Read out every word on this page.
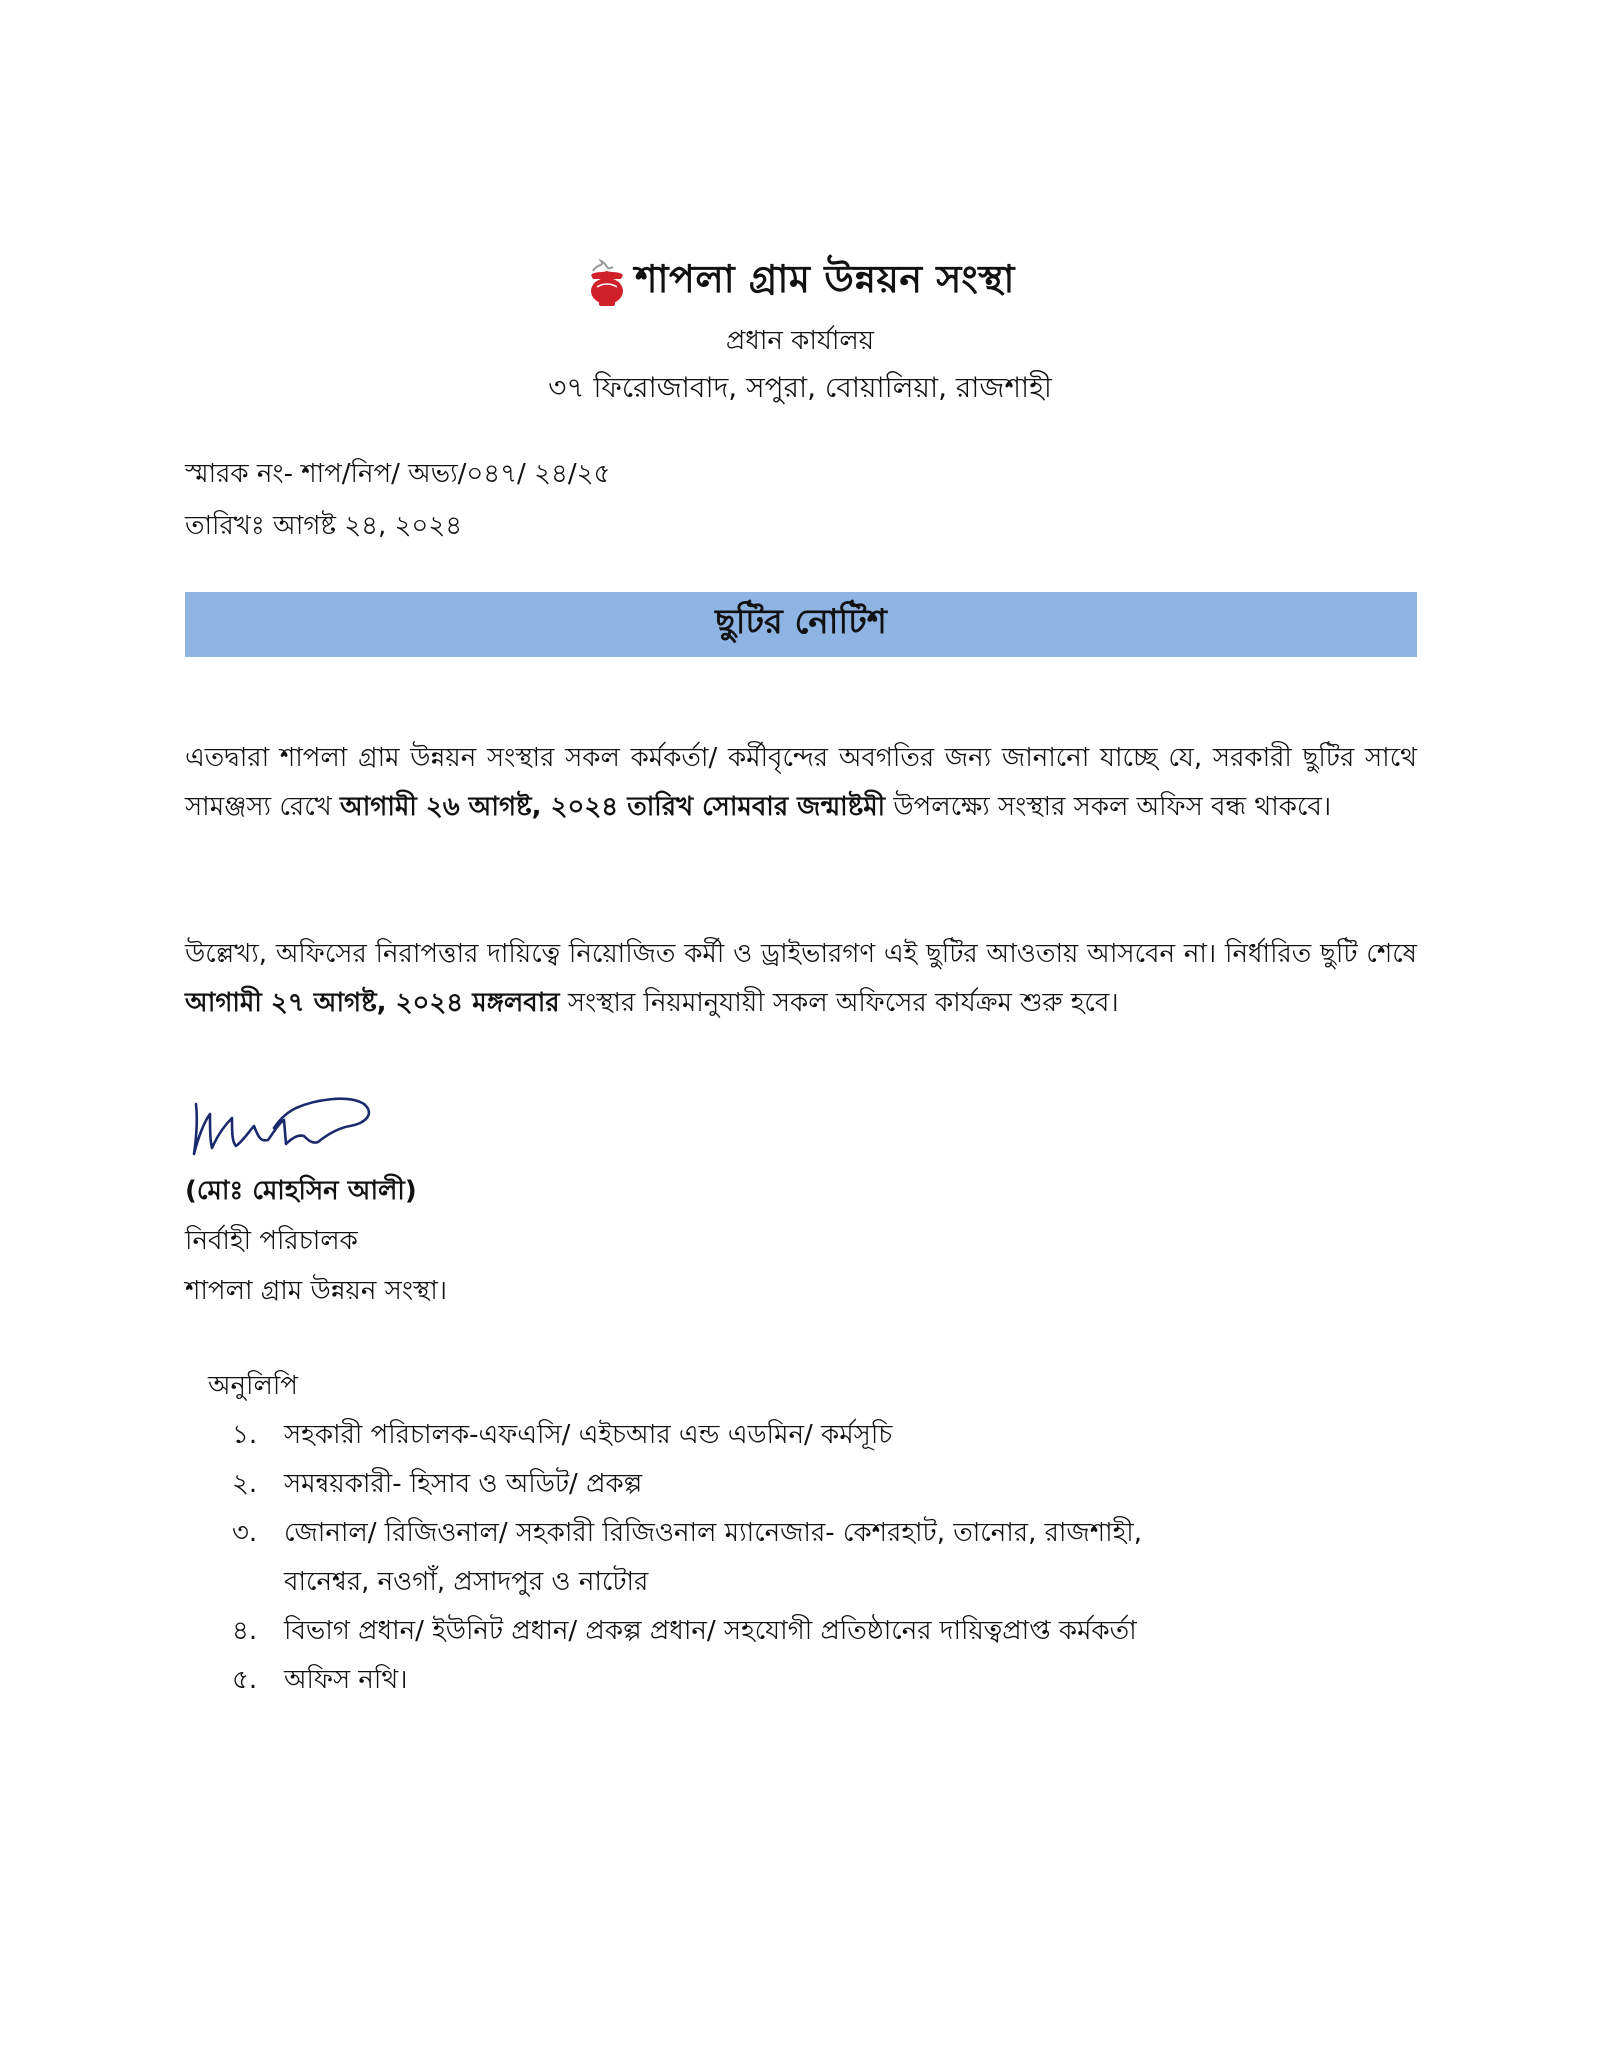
শাপলা গ্রাম উন্নয়ন সংস্থা
প্রধান কার্যালয়
৩৭ ফিরোজাবাদ, সপুরা, বোয়ালিয়া, রাজশাহী
স্মারক নং- শাপ/নিপ/ অভ্য/০৪৭/ ২৪/২৫
তারিখঃ আগষ্ট ২৪, ২০২৪
ছুটির নোটিশ
এতদ্বারা শাপলা গ্রাম উন্নয়ন সংস্থার সকল কর্মকর্তা/ কর্মীবৃন্দের অবগতির জন্য জানানো যাচ্ছে যে, সরকারী ছুটির সাথে সামঞ্জস্য রেখে আগামী ২৬ আগষ্ট, ২০২৪ তারিখ সোমবার জন্মাষ্টমী উপলক্ষ্যে সংস্থার সকল অফিস বন্ধ থাকবে।
উল্লেখ্য, অফিসের নিরাপত্তার দায়িত্বে নিয়োজিত কর্মী ও ড্রাইভারগণ এই ছুটির আওতায় আসবেন না। নির্ধারিত ছুটি শেষে আগামী ২৭ আগষ্ট, ২০২৪ মঙ্গলবার সংস্থার নিয়মানুযায়ী সকল অফিসের কার্যক্রম শুরু হবে।
(মোঃ মোহসিন আলী)
নির্বাহী পরিচালক
শাপলা গ্রাম উন্নয়ন সংস্থা।
অনুলিপি
১.	সহকারী পরিচালক-এফএসি/ এইচআর এন্ড এডমিন/ কর্মসূচি
২.	সমন্বয়কারী- হিসাব ও অডিট/ প্রকল্প
৩.	জোনাল/ রিজিওনাল/ সহকারী রিজিওনাল ম্যানেজার- কেশরহাট, তানোর, রাজশাহী, বানেশ্বর, নওগাঁ, প্রসাদপুর ও নাটোর
৪.	বিভাগ প্রধান/ ইউনিট প্রধান/ প্রকল্প প্রধান/ সহযোগী প্রতিষ্ঠানের দায়িত্বপ্রাপ্ত কর্মকর্তা
৫.	অফিস নথি।
